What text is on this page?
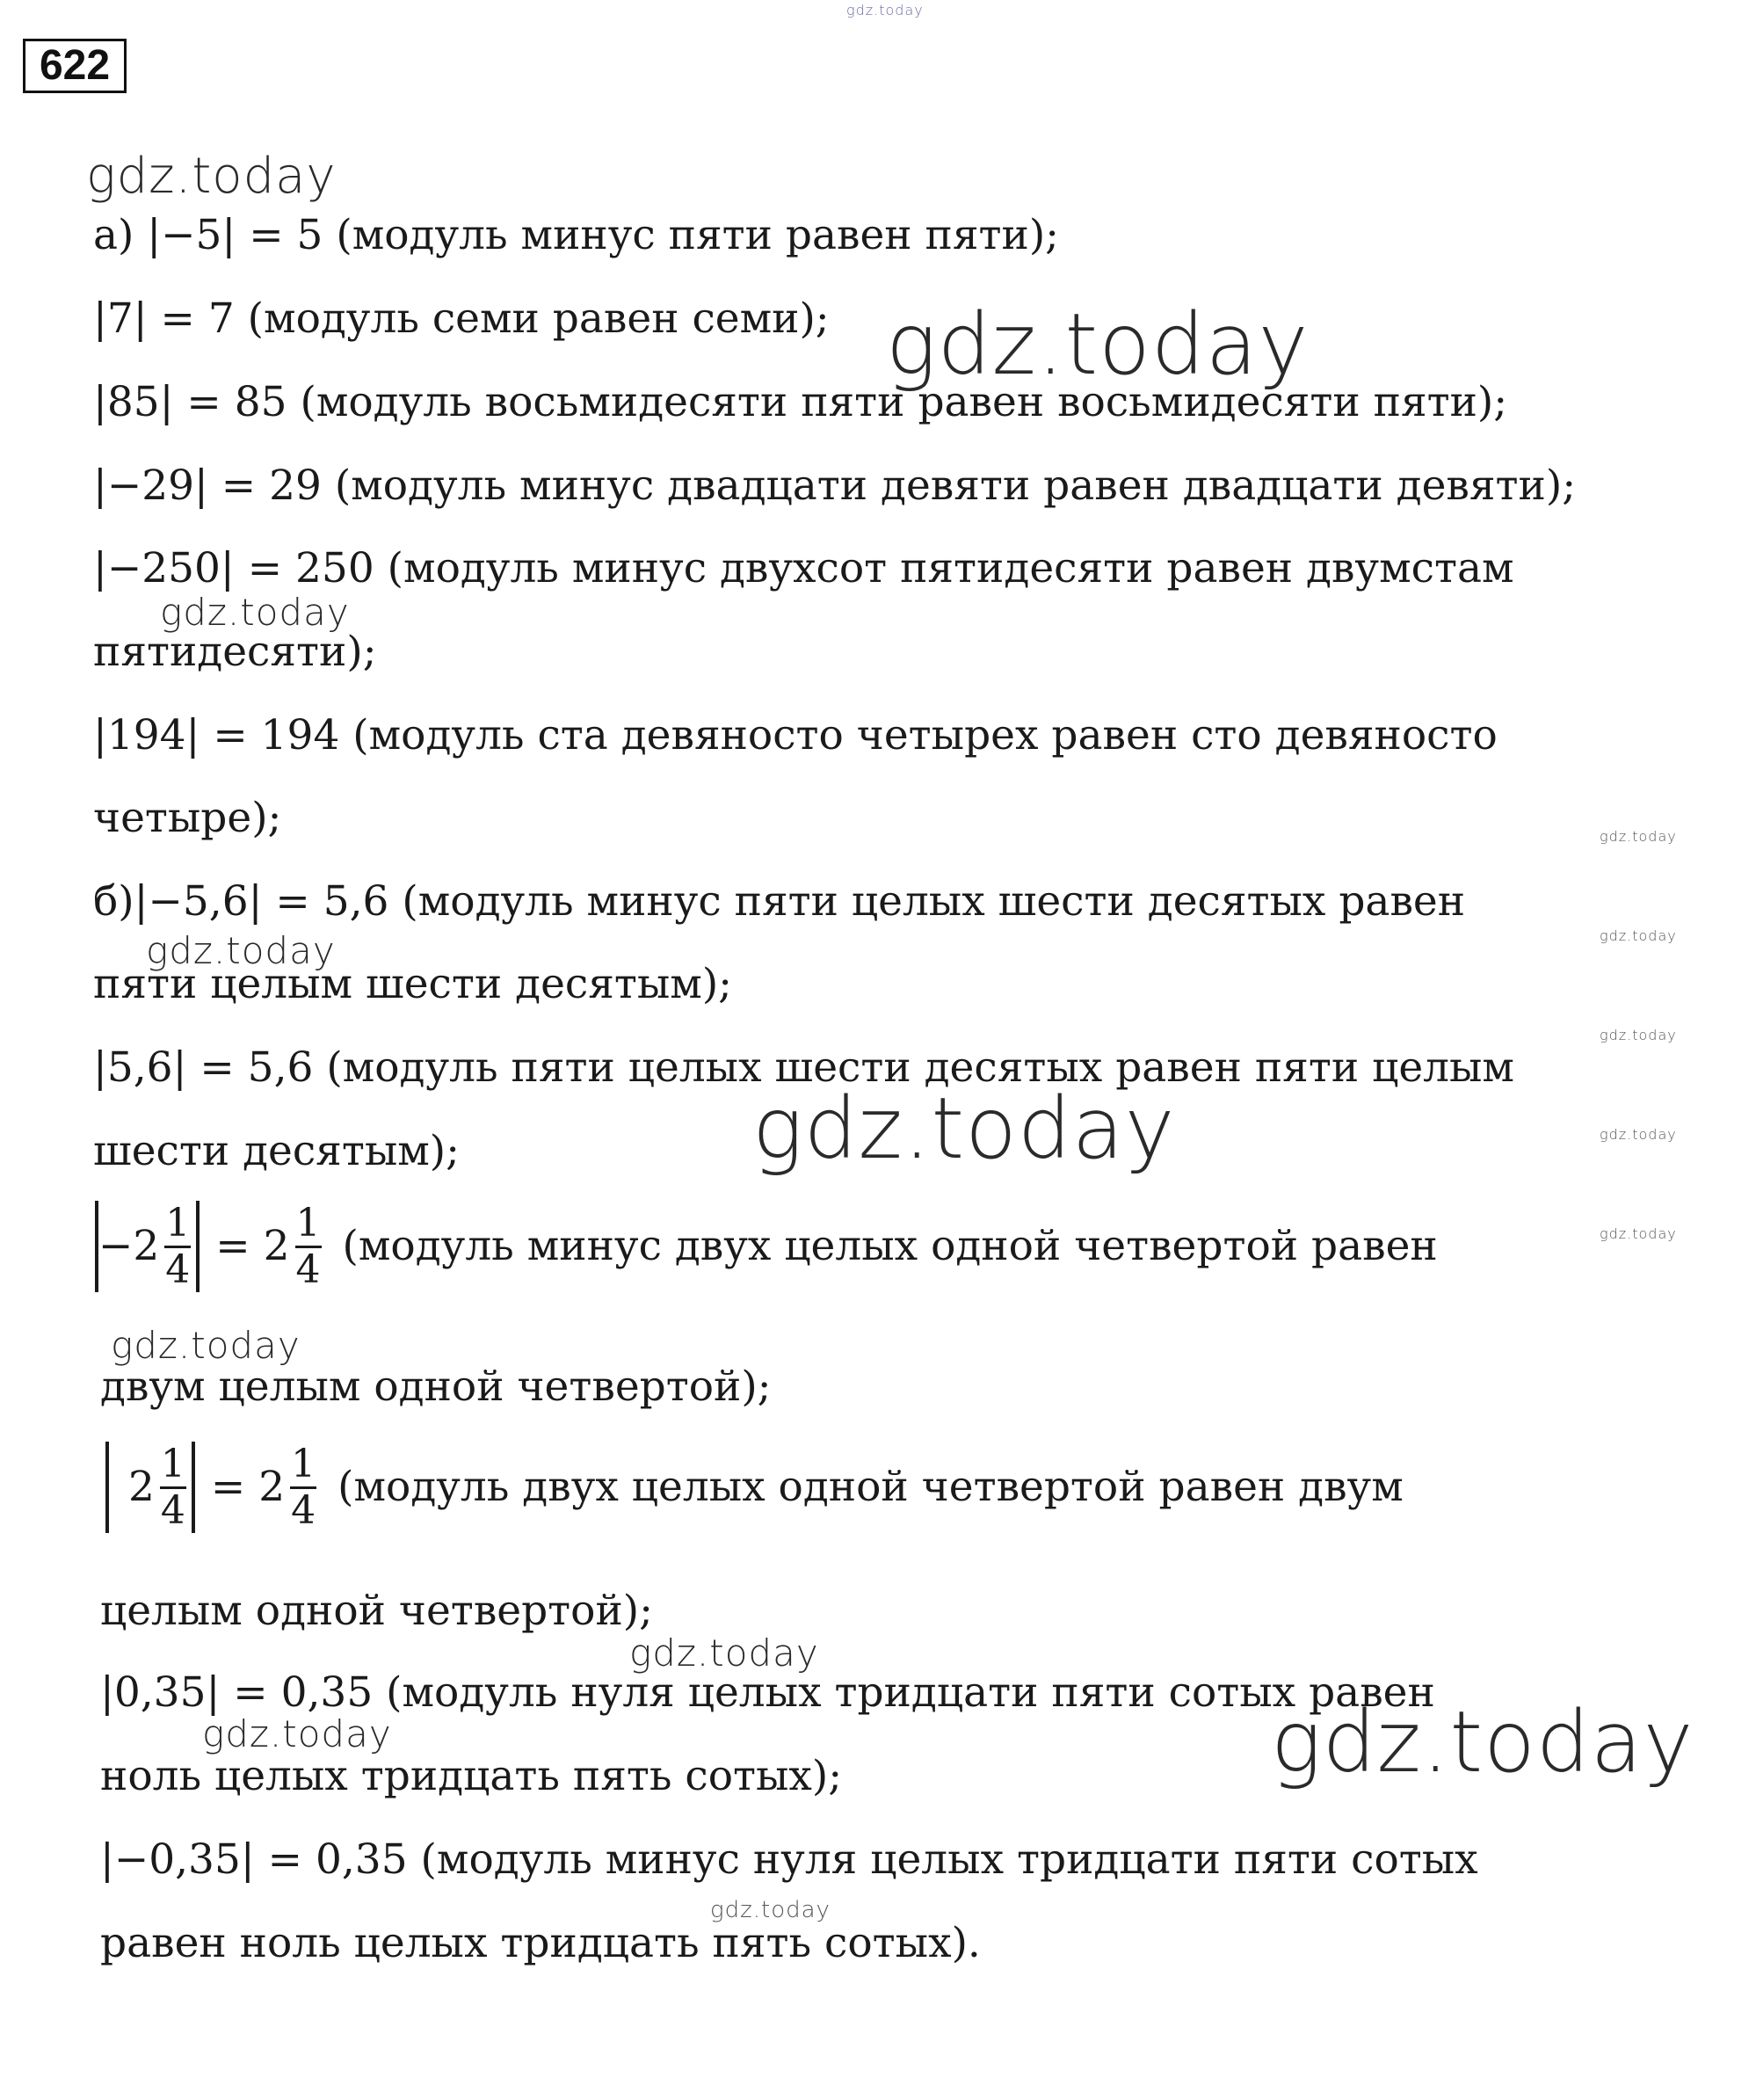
622
а) |−5| = 5 (модуль минус пяти равен пяти);
|7| = 7 (модуль семи равен семи);
|85| = 85 (модуль восьмидесяти пяти равен восьмидесяти пяти);
|−29| = 29 (модуль минус двадцати девяти равен двадцати девяти);
|−250| = 250 (модуль минус двухсот пятидесяти равен двумстам
пятидесяти);
|194| = 194 (модуль ста девяносто четырех равен сто девяносто
четыре);
б)|−5,6| = 5,6 (модуль минус пяти целых шести десятых равен
пяти целым шести десятым);
|5,6| = 5,6 (модуль пяти целых шести десятых равен пяти целым
шести десятым);
$-2 \frac{1}{4} = 2 \frac{1}{4}$ (модуль минус двух целых одной четвертой равен
двум целым одной четвертой);
$2 \frac{1}{4} = 2 \frac{1}{4}$ (модуль двух целых одной четвертой равен двум
целым одной четвертой);
|0,35| = 0,35 (модуль нуля целых тридцати пяти сотых равен
ноль целых тридцать пять сотых);
|−0,35| = 0,35 (модуль минус нуля целых тридцати пяти сотых
равен ноль целых тридцать пять сотых).
gdz.today
gdz.today
gdz.today
gdz.today
gdz.today
gdz.today
gdz.today
gdz.today
gdz.today	gdz.today
gdz.today
gdz.today
gdz.today
gdz.today	gdz.today
gdz.today
